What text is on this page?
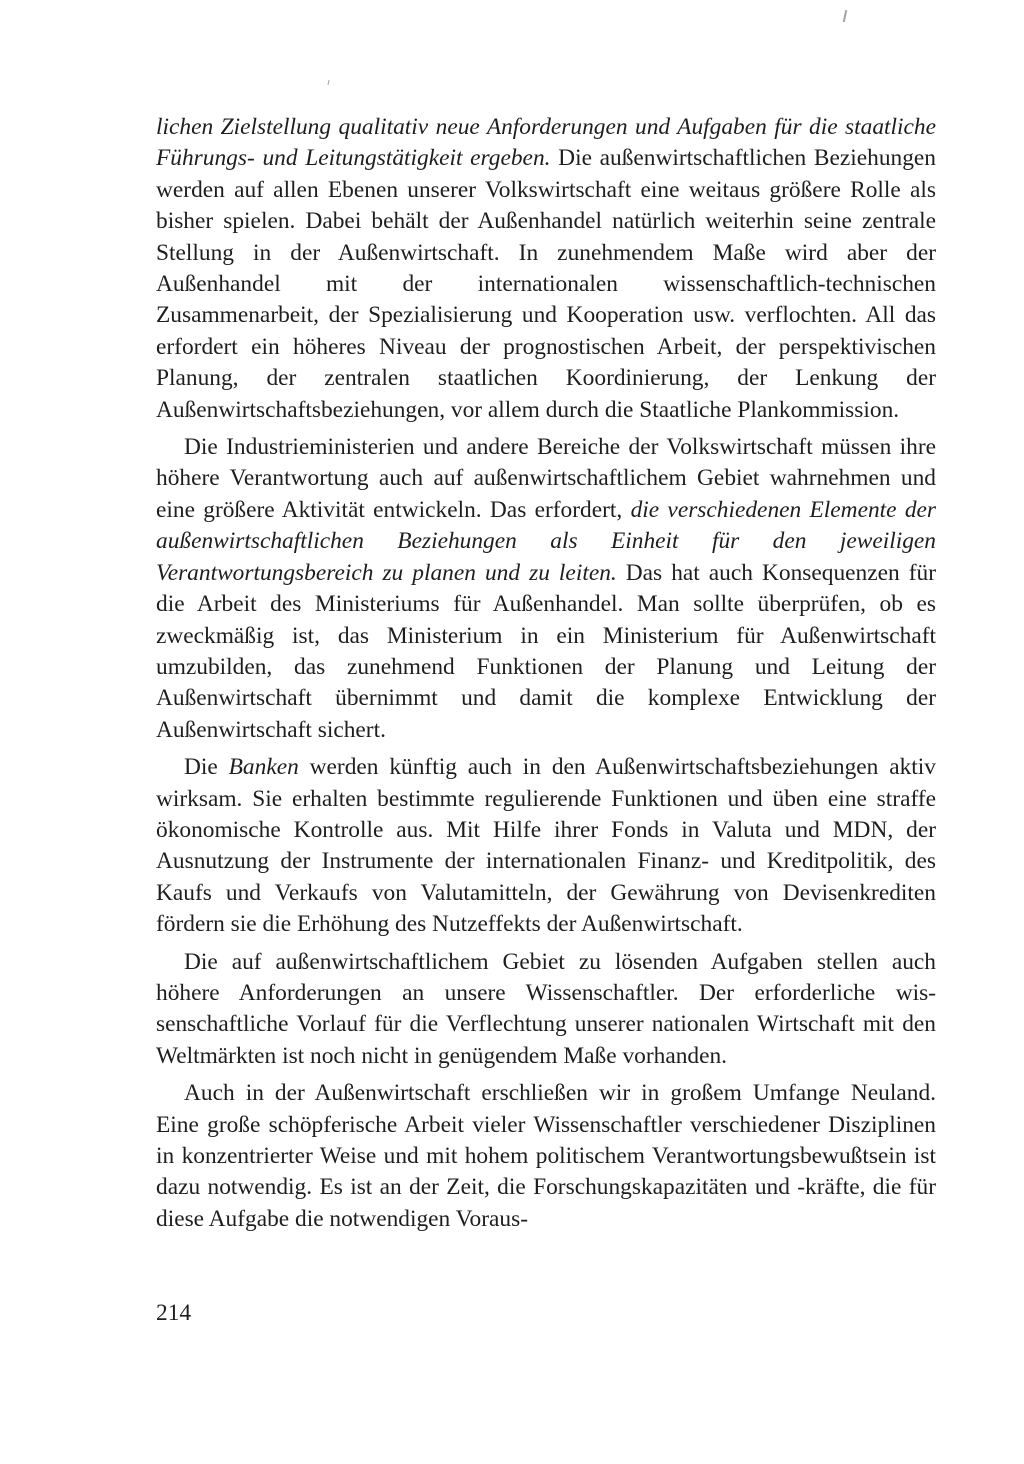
lichen Zielstellung qualitativ neue Anforderungen und Aufgaben für die staatliche Führungs- und Leitungstätigkeit ergeben. Die außenwirtschaftlichen Beziehungen werden auf allen Ebenen unserer Volkswirtschaft eine weitaus größere Rolle als bisher spielen. Dabei behält der Außenhandel natürlich weiterhin seine zentrale Stellung in der Außenwirtschaft. In zunehmendem Maße wird aber der Außenhandel mit der internationalen wissenschaftlich-technischen Zusammenarbeit, der Spezialisierung und Kooperation usw. verflochten. All das erfordert ein höheres Niveau der prognostischen Arbeit, der perspektivischen Planung, der zentralen staatlichen Koordinierung, der Lenkung der Außenwirtschaftsbeziehungen, vor allem durch die Staatliche Plankommission.

Die Industrieministerien und andere Bereiche der Volkswirtschaft müssen ihre höhere Verantwortung auch auf außenwirtschaftlichem Gebiet wahrnehmen und eine größere Aktivität entwickeln. Das erfordert, die verschiedenen Elemente der außenwirtschaftlichen Beziehungen als Einheit für den jeweiligen Verantwortungsbereich zu planen und zu leiten. Das hat auch Konsequenzen für die Arbeit des Ministeriums für Außenhandel. Man sollte überprüfen, ob es zweckmäßig ist, das Ministerium in ein Ministerium für Außenwirtschaft umzubilden, das zunehmend Funktionen der Planung und Leitung der Außenwirtschaft übernimmt und damit die komplexe Entwicklung der Außenwirtschaft sichert.

Die Banken werden künftig auch in den Außenwirtschaftsbeziehungen aktiv wirksam. Sie erhalten bestimmte regulierende Funktionen und üben eine straffe ökonomische Kontrolle aus. Mit Hilfe ihrer Fonds in Valuta und MDN, der Ausnutzung der Instrumente der internationalen Finanz- und Kreditpolitik, des Kaufs und Verkaufs von Valutamitteln, der Gewährung von Devisenkrediten fördern sie die Erhöhung des Nutzeffekts der Außenwirtschaft.

Die auf außenwirtschaftlichem Gebiet zu lösenden Aufgaben stellen auch höhere Anforderungen an unsere Wissenschaftler. Der erforderliche wissenschaftliche Vorlauf für die Verflechtung unserer nationalen Wirtschaft mit den Weltmärkten ist noch nicht in genügendem Maße vorhanden.

Auch in der Außenwirtschaft erschließen wir in großem Umfange Neuland. Eine große schöpferische Arbeit vieler Wissenschaftler verschiedener Disziplinen in konzentrierter Weise und mit hohem politischem Verantwortungsbewußtsein ist dazu notwendig. Es ist an der Zeit, die Forschungskapazitäten und -kräfte, die für diese Aufgabe die notwendigen Voraus-

214
